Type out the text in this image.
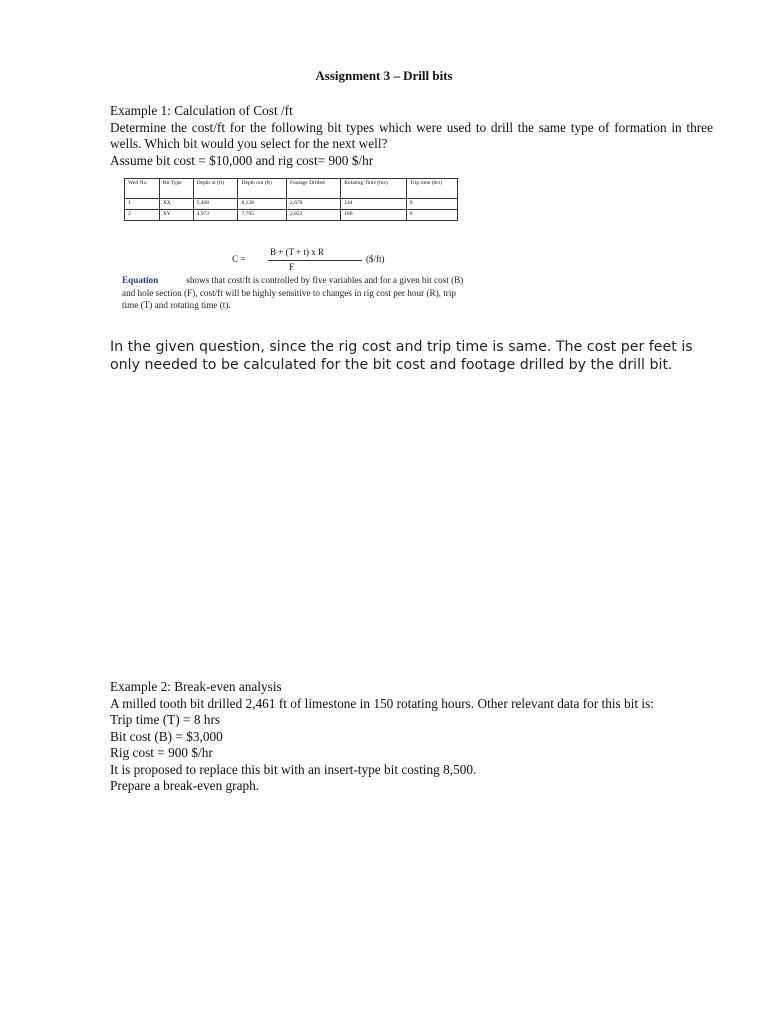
Assignment 3 – Drill bits

Example 1: Calculation of Cost /ft

Determine the cost/ft for the following bit types which were used to drill the same type of formation in three wells. Which bit would you select for the next well?

Assume bit cost = $10,000 and rig cost= 900 $/hr

Well No.	Bit Type	Depth in (ft)	Depth out (ft)	Footage Drilled	Rotating Time (hrs)	Trip time (hrs)
1	XX	5,468	8,138	2,670	144	8
2	XY	4,973	7,795	2,822	180	8
C =
B + (T + t) x R
($/ft)
F
Equation	shows that cost/ft is controlled by five variables and for a given bit cost (B)
and hole section (F), cost/ft will be highly sensitive to changes in rig cost per hour (R), trip
time (T) and rotating time (t).
In the given question, since the rig cost and trip time is same. The cost per feet is only needed to be calculated for the bit cost and footage drilled by the drill bit.

Example 2: Break-even analysis

A milled tooth bit drilled 2,461 ft of limestone in 150 rotating hours. Other relevant data for this bit is:

Trip time (T) = 8 hrs

Bit cost (B) = $3,000

Rig cost = 900 $/hr

It is proposed to replace this bit with an insert-type bit costing 8,500.

Prepare a break-even graph.
